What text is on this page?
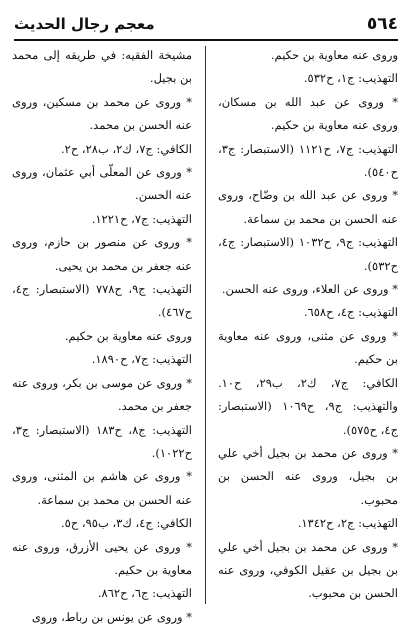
٥٦٤
معجم رجال الحديث

وروى عنه معاوية بن حكيم.

التهذيب: ج١، ح٥٣٢.

* وروى عن عبد الله بن مسكان، وروى عنه معاوية بن حكيم.

التهذيب: ج٧، ح١١٢١ (الاستبصار: ج٣، ح٥٤٠).

* وروى عن عبد الله بن وضّاح، وروى عنه الحسن بن محمد بن سماعة.

التهذيب: ج٩، ح١٠٣٢ (الاستبصار: ج٤، ح٥٣٢).

* وروى عن العلاء، وروى عنه الحسن.

التهذيب: ج٤، ح٦٥٨.

* وروى عن مثنى، وروى عنه معاوية بن حكيم.

الكافي: ج٧، ك٢، ب٢٩، ح١٠. والتهذيب: ج٩، ح١٠٦٩ (الاستبصار: ج٤، ح٥٧٥).

* وروى عن محمد بن بجيل أخي علي بن بجيل، وروى عنه الحسن بن محبوب.

التهذيب: ج٢، ح١٣٤٢.

* وروى عن محمد بن بجيل أخي علي بن بجيل بن عقيل الكوفي، وروى عنه الحسن بن محبوب.

مشيخة الفقيه: في طريقه إلى محمد بن بجيل.

* وروى عن محمد بن مسكين، وروى عنه الحسن بن محمد.

الكافي: ج٧، ك٢، ب٢٨، ح٢.

* وروى عن المعلّى أبي عثمان، وروى عنه الحسن.

التهذيب: ج٧، ح١٢٢١.

* وروى عن منصور بن حازم، وروى عنه جعفر بن محمد بن يحيى.

التهذيب: ج٩، ح٧٧٨ (الاستبصار: ج٤، ح٤٦٧).

وروى عنه معاوية بن حكيم.

التهذيب: ج٧، ح١٨٩٠.

* وروى عن موسى بن بكر، وروى عنه جعفر بن محمد.

التهذيب: ج٨، ح١٨٣ (الاستبصار: ج٣، ح١٠٢٢).

* وروى عن هاشم بن المثنى، وروى عنه الحسن بن محمد بن سماعة.

الكافي: ج٤، ك٣، ب٩٥، ح٥.

* وروى عن يحيى الأزرق، وروى عنه معاوية بن حكيم.

التهذيب: ج٦، ح٨٦٢.

* وروى عن يونس بن رباط، وروى
